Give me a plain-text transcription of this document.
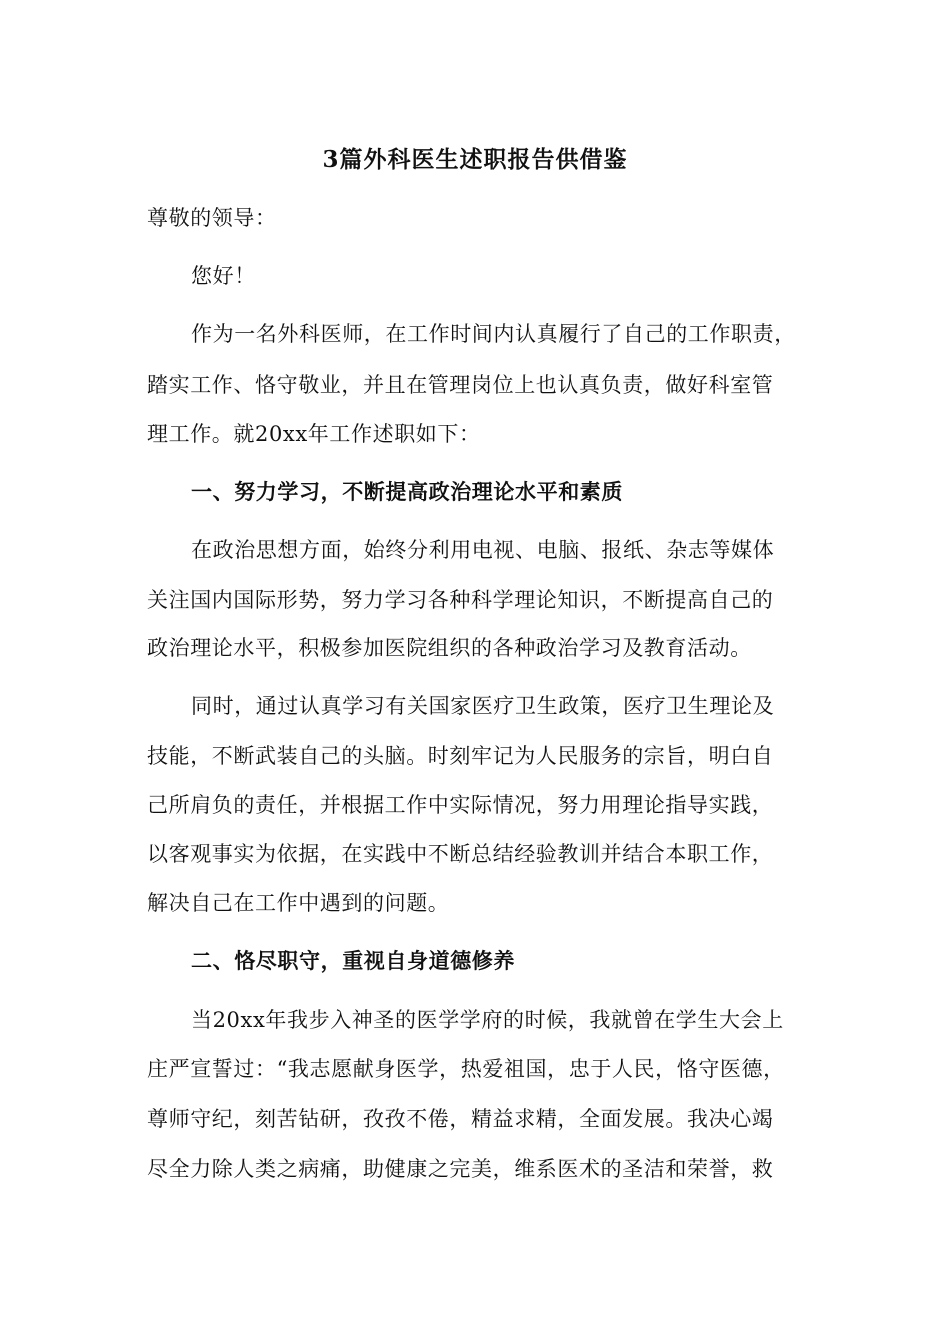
3篇外科医生述职报告供借鉴
尊敬的领导：
您好！
作为一名外科医师，在工作时间内认真履行了自己的工作职责，
踏实工作、恪守敬业，并且在管理岗位上也认真负责，做好科室管
理工作。就20xx年工作述职如下：
一、努力学习，不断提高政治理论水平和素质
在政治思想方面，始终分利用电视、电脑、报纸、杂志等媒体
关注国内国际形势，努力学习各种科学理论知识，不断提高自己的
政治理论水平，积极参加医院组织的各种政治学习及教育活动。
同时，通过认真学习有关国家医疗卫生政策，医疗卫生理论及
技能，不断武装自己的头脑。时刻牢记为人民服务的宗旨，明白自
己所肩负的责任，并根据工作中实际情况，努力用理论指导实践，
以客观事实为依据，在实践中不断总结经验教训并结合本职工作，
解决自己在工作中遇到的问题。
二、恪尽职守，重视自身道德修养
当20xx年我步入神圣的医学学府的时候，我就曾在学生大会上
庄严宣誓过：“我志愿献身医学，热爱祖国，忠于人民，恪守医德，
尊师守纪，刻苦钻研，孜孜不倦，精益求精，全面发展。我决心竭
尽全力除人类之病痛，助健康之完美，维系医术的圣洁和荣誉，救
